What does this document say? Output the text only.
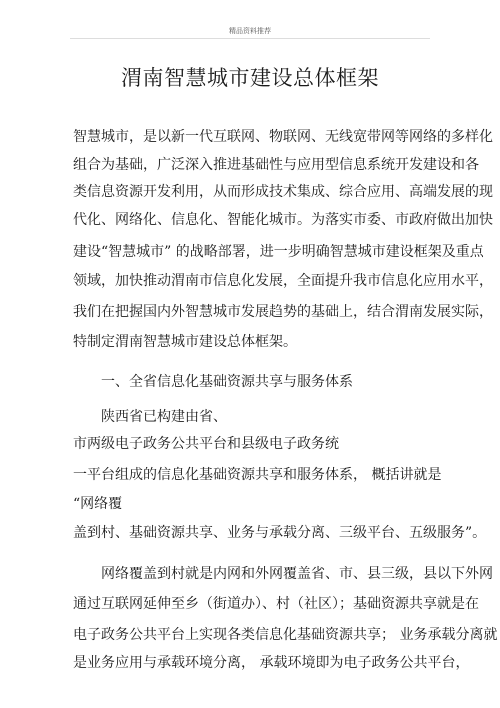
精品资料推荐
渭南智慧城市建设总体框架
智慧城市，是以新一代互联网、物联网、无线宽带网等网络的多样化
组合为基础，广泛深入推进基础性与应用型信息系统开发建设和各
类信息资源开发利用，从而形成技术集成、综合应用、高端发展的现
代化、网络化、信息化、智能化城市。为落实市委、市政府做出加快
建设“智慧城市” 的战略部署，进一步明确智慧城市建设框架及重点
领域，加快推动渭南市信息化发展，全面提升我市信息化应用水平，
我们在把握国内外智慧城市发展趋势的基础上，结合渭南发展实际，
特制定渭南智慧城市建设总体框架。
一、全省信息化基础资源共享与服务体系
陕西省已构建由省、
市两级电子政务公共平台和县级电子政务统
一平台组成的信息化基础资源共享和服务体系， 概括讲就是
“网络覆
盖到村、基础资源共享、业务与承载分离、三级平台、五级服务”。
网络覆盖到村就是内网和外网覆盖省、市、县三级，县以下外网
通过互联网延伸至乡（街道办）、村（社区）；基础资源共享就是在
电子政务公共平台上实现各类信息化基础资源共享； 业务承载分离就
是业务应用与承载环境分离， 承载环境即为电子政务公共平台，
